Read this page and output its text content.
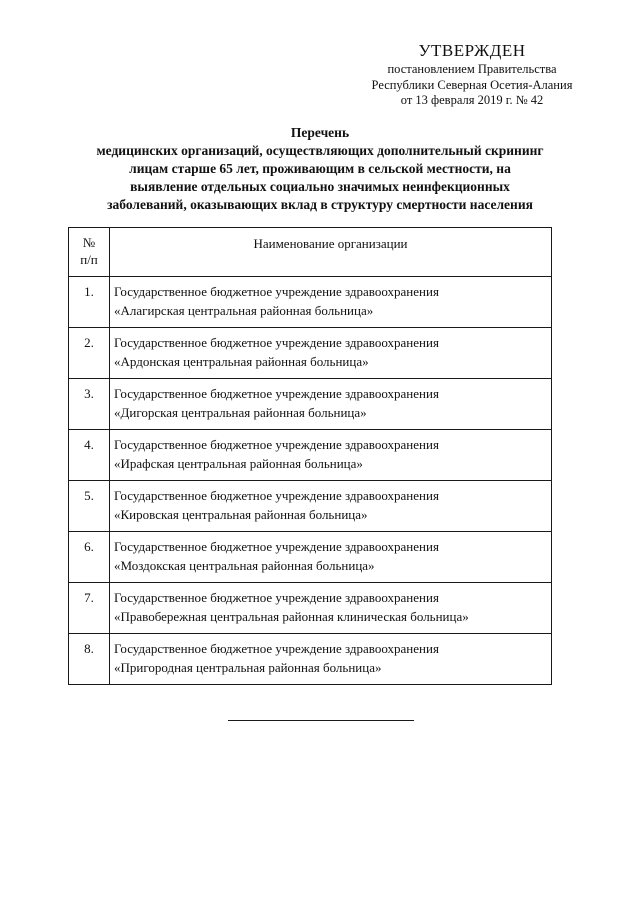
УТВЕРЖДЕН
постановлением Правительства
Республики Северная Осетия-Алания
от 13 февраля 2019 г. № 42
Перечень
медицинских организаций, осуществляющих дополнительный скрининг
лицам старше 65 лет, проживающим в сельской местности, на
выявление отдельных социально значимых неинфекционных
заболеваний, оказывающих вклад в структуру смертности населения
№
п/п	Наименование организации
1.	Государственное бюджетное учреждение здравоохранения
«Алагирская центральная районная больница»

2.	Государственное бюджетное учреждение здравоохранения
«Ардонская центральная районная больница»

3.	Государственное бюджетное учреждение здравоохранения
«Дигорская центральная районная больница»

4.	Государственное бюджетное учреждение здравоохранения
«Ирафская центральная районная больница»

5.	Государственное бюджетное учреждение здравоохранения
«Кировская центральная районная больница»

6.	Государственное бюджетное учреждение здравоохранения
«Моздокская центральная районная больница»

7.	Государственное бюджетное учреждение здравоохранения
«Правобережная центральная районная клиническая больница»

8.	Государственное бюджетное учреждение здравоохранения
«Пригородная центральная районная больница»
